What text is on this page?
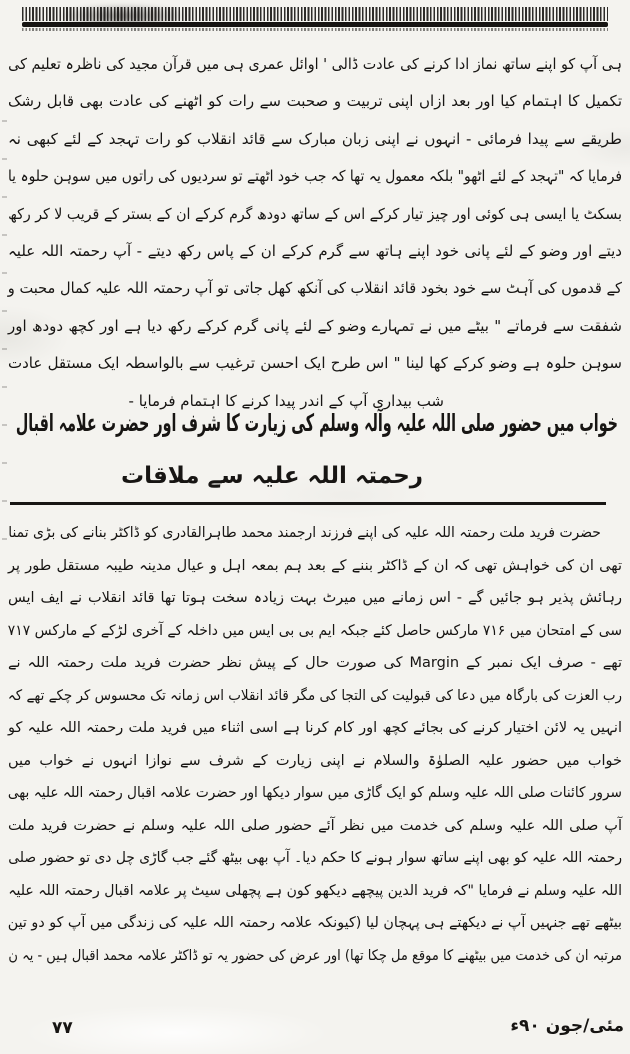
ہی آپ کو اپنے ساتھ نماز ادا کرنے کی عادت ڈالی ' اوائل عمری ہی میں قرآن مجید کی ناظرہ تعلیم کی
تکمیل کا اہتمام کیا اور بعد ازاں اپنی تربیت و صحبت سے رات کو اٹھنے کی عادت بھی قابل رشک
طریقے سے پیدا فرمائی - انہوں نے اپنی زبان مبارک سے قائد انقلاب کو رات تہجد کے لئے کبھی نہ
فرمایا کہ "تہجد کے لئے اٹھو" بلکہ معمول یہ تھا کہ جب خود اٹھتے تو سردیوں کی راتوں میں سوہن حلوہ یا
بسکٹ یا ایسی ہی کوئی اور چیز تیار کرکے اس کے ساتھ دودھ گرم کرکے ان کے بستر کے قریب لا کر رکھ
دیتے اور وضو کے لئے پانی خود اپنے ہاتھ سے گرم کرکے ان کے پاس رکھ دیتے - آپ رحمتہ اللہ علیہ
کے قدموں کی آہٹ سے خود بخود قائد انقلاب کی آنکھ کھل جاتی تو آپ رحمتہ اللہ علیہ کمال محبت و
شفقت سے فرماتے " بیٹے میں نے تمہارے وضو کے لئے پانی گرم کرکے رکھ دیا ہے اور کچھ دودھ اور
سوہن حلوہ ہے وضو کرکے کھا لینا " اس طرح ایک احسن ترغیب سے بالواسطہ ایک مستقل عادت
شب بیداری آپ کے اندر پیدا کرنے کا اہتمام فرمایا -
خواب میں حضور صلی اللہ علیہ وآلہ وسلم کی زیارت کا شرف اور حضرت علامہ اقبال
رحمتہ اللہ علیہ سے ملاقات
حضرت فرید ملت رحمتہ اللہ علیہ کی اپنے فرزند ارجمند محمد طاہرالقادری کو ڈاکٹر بنانے کی بڑی تمنا
تھی ان کی خواہش تھی کہ ان کے ڈاکٹر بننے کے بعد ہم بمعہ اہل و عیال مدینہ طیبہ مستقل طور پر
رہائش پذیر ہو جائیں گے - اس زمانے میں میرٹ بہت زیادہ سخت ہوتا تھا قائد انقلاب نے ایف ایس
سی کے امتحان میں ۷۱۶ مارکس حاصل کئے جبکہ ایم بی بی ایس میں داخلہ کے آخری لڑکے کے مارکس ۷۱۷
تھے - صرف ایک نمبر کے Margin کی صورت حال کے پیش نظر حضرت فرید ملت رحمتہ اللہ نے
رب العزت کی بارگاہ میں دعا کی قبولیت کی التجا کی مگر قائد انقلاب اس زمانہ تک محسوس کر چکے تھے کہ
انہیں یہ لائن اختیار کرنے کی بجائے کچھ اور کام کرنا ہے اسی اثناء میں فرید ملت رحمتہ اللہ علیہ کو
خواب میں حضور علیہ الصلوٰۃ والسلام نے اپنی زیارت کے شرف سے نوازا انہوں نے خواب میں
سرور کائنات صلی اللہ علیہ وسلم کو ایک گاڑی میں سوار دیکھا اور حضرت علامہ اقبال رحمتہ اللہ علیہ بھی
آپ صلی اللہ علیہ وسلم کی خدمت میں نظر آئے حضور صلی اللہ علیہ وسلم نے حضرت فرید ملت
رحمتہ اللہ علیہ کو بھی اپنے ساتھ سوار ہونے کا حکم دیا۔ آپ بھی بیٹھ گئے جب گاڑی چل دی تو حضور صلی
اللہ علیہ وسلم نے فرمایا "کہ فرید الدین پیچھے دیکھو کون ہے پچھلی سیٹ پر علامہ اقبال رحمتہ اللہ علیہ
بیٹھے تھے جنہیں آپ نے دیکھتے ہی پہچان لیا (کیونکہ علامہ رحمتہ اللہ علیہ کی زندگی میں آپ کو دو تین
مرتبہ ان کی خدمت میں بیٹھنے کا موقع مل چکا تھا) اور عرض کی حضور یہ تو ڈاکٹر علامہ محمد اقبال ہیں - یہ ن
مئی/جون ۹۰ء
۷۷
